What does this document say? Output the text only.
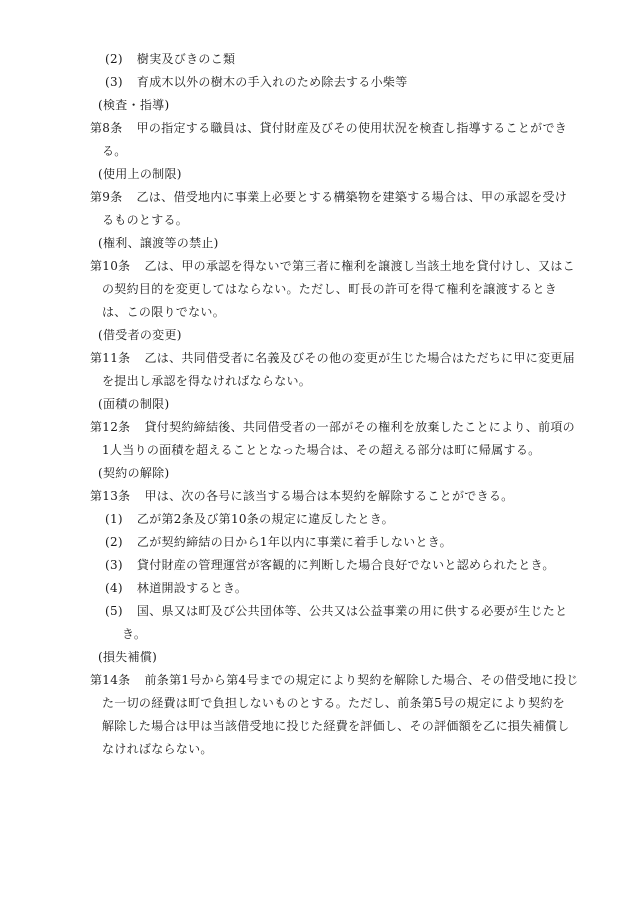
(2) 樹実及びきのこ類
(3) 育成木以外の樹木の手入れのため除去する小柴等
(検査・指導)
第8条 甲の指定する職員は、貸付財産及びその使用状況を検査し指導することができ
る。
(使用上の制限)
第9条 乙は、借受地内に事業上必要とする構築物を建築する場合は、甲の承認を受け
るものとする。
(権利、譲渡等の禁止)
第10条 乙は、甲の承認を得ないで第三者に権利を譲渡し当該土地を貸付けし、又はこ
の契約目的を変更してはならない。ただし、町長の許可を得て権利を譲渡するとき
は、この限りでない。
(借受者の変更)
第11条 乙は、共同借受者に名義及びその他の変更が生じた場合はただちに甲に変更届
を提出し承認を得なければならない。
(面積の制限)
第12条 貸付契約締結後、共同借受者の一部がその権利を放棄したことにより、前項の
1人当りの面積を超えることとなった場合は、その超える部分は町に帰属する。
(契約の解除)
第13条 甲は、次の各号に該当する場合は本契約を解除することができる。
(1) 乙が第2条及び第10条の規定に違反したとき。
(2) 乙が契約締結の日から1年以内に事業に着手しないとき。
(3) 貸付財産の管理運営が客観的に判断した場合良好でないと認められたとき。
(4) 林道開設するとき。
(5) 国、県又は町及び公共団体等、公共又は公益事業の用に供する必要が生じたと
き。
(損失補償)
第14条 前条第1号から第4号までの規定により契約を解除した場合、その借受地に投じ
た一切の経費は町で負担しないものとする。ただし、前条第5号の規定により契約を
解除した場合は甲は当該借受地に投じた経費を評価し、その評価額を乙に損失補償し
なければならない。
